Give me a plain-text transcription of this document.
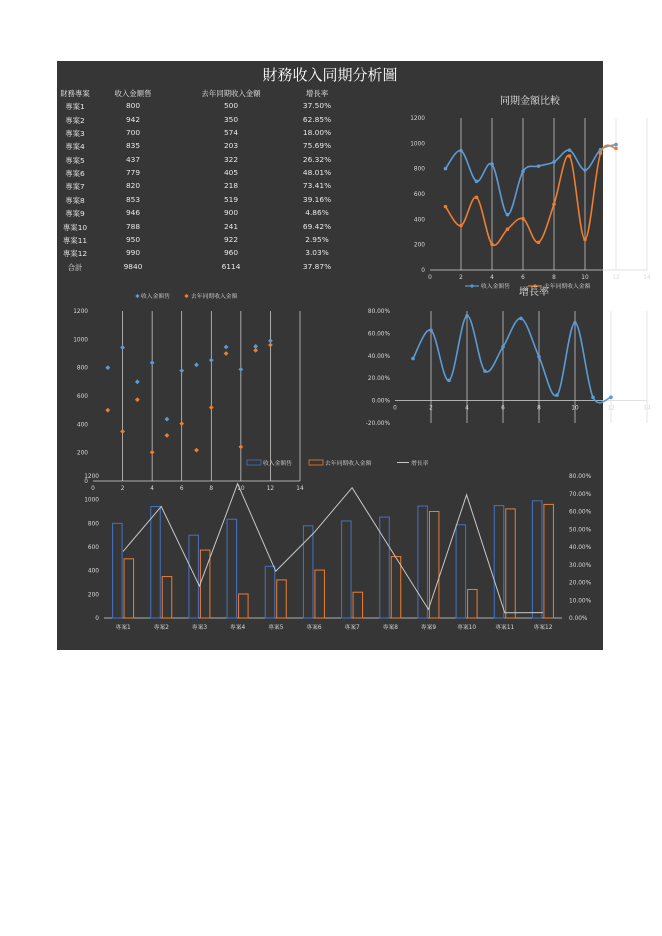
財務收入同期分析圖
財務專案	收入金額售	去年同期收入金額	增長率
專案1	800	500	37.50%
專案2	942	350	62.85%
專案3	700	574	18.00%
專案4	835	203	75.69%
專案5	437	322	26.32%
專案6	779	405	48.01%
專案7	820	218	73.41%
專案8	853	519	39.16%
專案9	946	900	4.86%
專案10	788	241	69.42%
專案11	950	922	2.95%
專案12	990	960	3.03%
合計	9840	6114	37.87%
同期金額比較
0	2	4	6	8	10	12	14
0
200
400
600
800
1000
1200
收入金額售	去年同期收入金額
0	2	4	6	8	10	12	14
0
200
400
600
800
1000
1200
收入金額售	去年同期收入金額	增長率
0	2	4	6	8	10	12	14
-20.00%
0.00%
20.00%
40.00%
60.00%
80.00%
0
200
400
600
800
1000
1200
0.00%
10.00%
20.00%
30.00%
40.00%
50.00%
60.00%
70.00%
80.00%
專案1	專案2	專案3	專案4	專案5	專案6	專案7	專案8	專案9	專案10	專案11	專案12
收入金額售	去年同期收入金額	增長率
